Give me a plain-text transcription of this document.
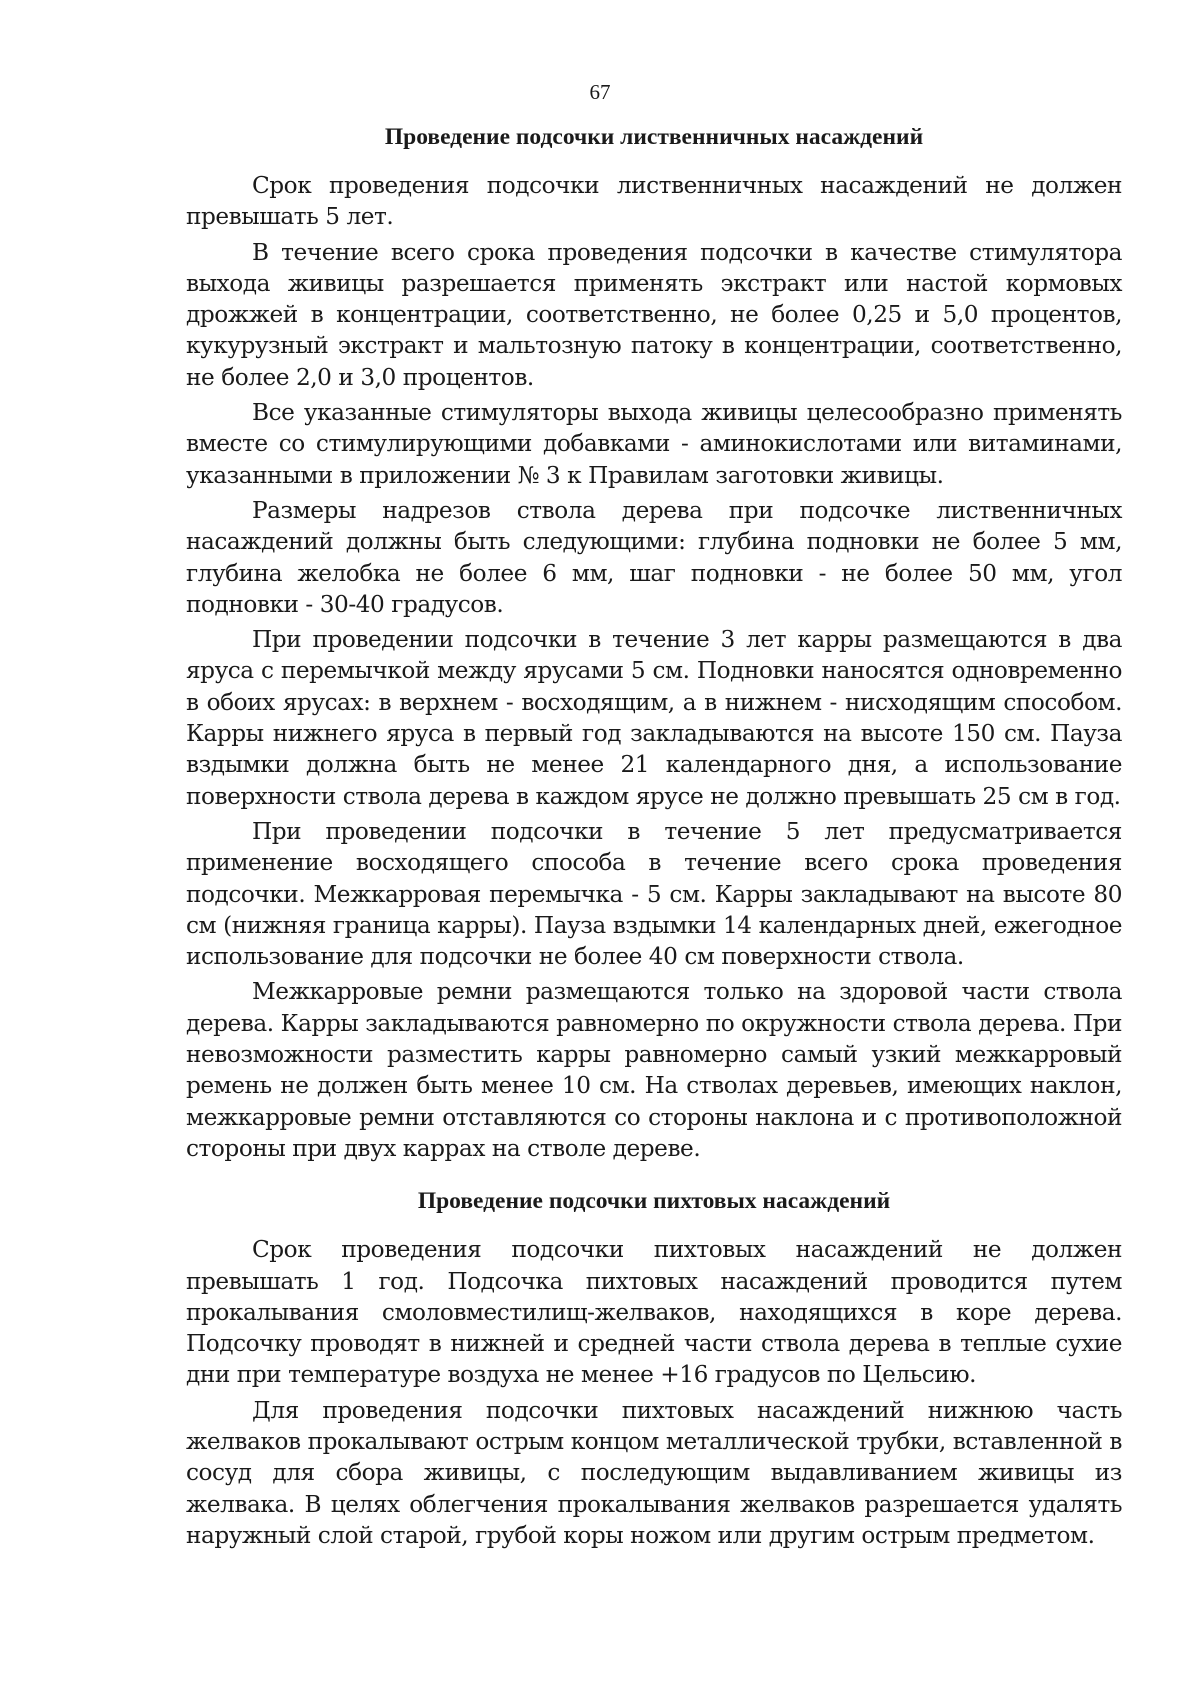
67
Проведение подсочки лиственничных насаждений

Срок проведения подсочки лиственничных насаждений не должен превышать 5 лет.

В течение всего срока проведения подсочки в качестве стимулятора выхода живицы разрешается применять экстракт или настой кормовых дрожжей в концентрации, соответственно, не более 0,25 и 5,0 процентов, кукурузный экстракт и мальтозную патоку в концентрации, соответственно, не более 2,0 и 3,0 процентов.

Все указанные стимуляторы выхода живицы целесообразно применять вместе со стимулирующими добавками - аминокислотами или витаминами, указанными в приложении № 3 к Правилам заготовки живицы.

Размеры надрезов ствола дерева при подсочке лиственничных насаждений должны быть следующими: глубина подновки не более 5 мм, глубина желобка не более 6 мм, шаг подновки - не более 50 мм, угол подновки - 30-40 градусов.

При проведении подсочки в течение 3 лет карры размещаются в два яруса с перемычкой между ярусами 5 см. Подновки наносятся одновременно в обоих ярусах: в верхнем - восходящим, а в нижнем - нисходящим способом. Карры нижнего яруса в первый год закладываются на высоте 150 см. Пауза вздымки должна быть не менее 21 календарного дня, а использование поверхности ствола дерева в каждом ярусе не должно превышать 25 см в год.

При проведении подсочки в течение 5 лет предусматривается применение восходящего способа в течение всего срока проведения подсочки. Межкарровая перемычка - 5 см. Карры закладывают на высоте 80 см (нижняя граница карры). Пауза вздымки 14 календарных дней, ежегодное использование для подсочки не более 40 см поверхности ствола.

Межкарровые ремни размещаются только на здоровой части ствола дерева. Карры закладываются равномерно по окружности ствола дерева. При невозможности разместить карры равномерно самый узкий межкарровый ремень не должен быть менее 10 см. На стволах деревьев, имеющих наклон, межкарровые ремни отставляются со стороны наклона и с противоположной стороны при двух каррах на стволе дереве.

Проведение подсочки пихтовых насаждений

Срок проведения подсочки пихтовых насаждений не должен превышать 1 год. Подсочка пихтовых насаждений проводится путем прокалывания смоловместилищ-желваков, находящихся в коре дерева. Подсочку проводят в нижней и средней части ствола дерева в теплые сухие дни при температуре воздуха не менее +16 градусов по Цельсию.

Для проведения подсочки пихтовых насаждений нижнюю часть желваков прокалывают острым концом металлической трубки, вставленной в сосуд для сбора живицы, с последующим выдавливанием живицы из желвака. В целях облегчения прокалывания желваков разрешается удалять наружный слой старой, грубой коры ножом или другим острым предметом.
